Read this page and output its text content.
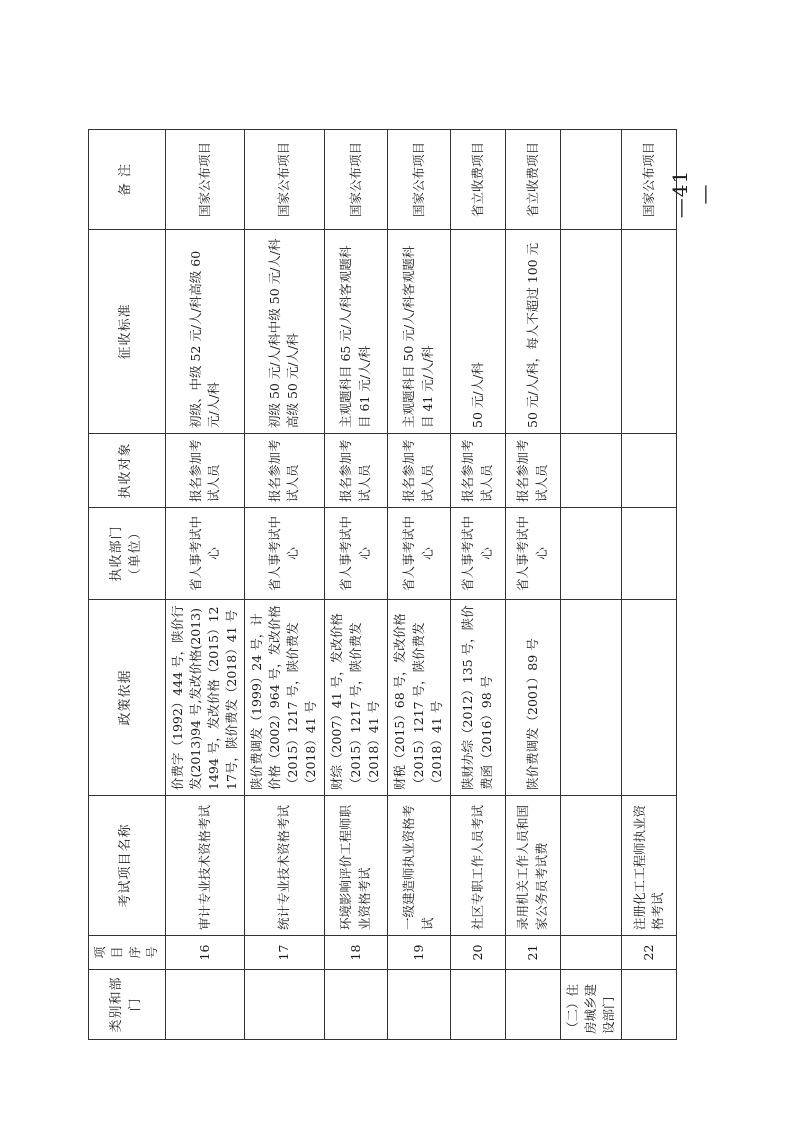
类别和部门	项目序号	考试项目名称	政策依据	执收部门（单位）	执收对象	征收标准	备 注
	16	审计专业技术资格考试	价费字（1992）444 号，陕价行发(2013)94 号,发改价格(2013)1494 号，发改价格（2015）1217号，陕价费发（2018）41 号	省人事考试中心	报名参加考试人员	初级、中级 52 元/人/科高级 60 元/人/科	国家公布项目
	17	统计专业技术资格考试	陕价费调发（1999）24 号，计价格（2002）964 号，发改价格（2015）1217 号，陕价费发（2018）41 号	省人事考试中心	报名参加考试人员	初级 50 元/人/科中级 50 元/人/科高级 50 元/人/科	国家公布项目
	18	环境影响评价工程师职业资格考试	财综（2007）41 号，发改价格（2015）1217 号，陕价费发（2018）41 号	省人事考试中心	报名参加考试人员	主观题科目 65 元/人/科客观题科目 61 元/人/科	国家公布项目
	19	一级建造师执业资格考试	财税（2015）68 号，发改价格（2015）1217 号，陕价费发（2018）41 号	省人事考试中心	报名参加考试人员	主观题科目 50 元/人/科客观题科目 41 元/人/科	国家公布项目
	20	社区专职工作人员考试	陕财办综（2012）135 号，陕价费函（2016）98 号	省人事考试中心	报名参加考试人员	50 元/人/科	省立收费项目
	21	录用机关工作人员和国家公务员考试费	陕价费调发（2001）89 号	省人事考试中心	报名参加考试人员	50 元/人/科，每人不超过 100 元	省立收费项目
（二）住房城乡建设部门							
	22	注册化工工程师执业资格考试					国家公布项目 —41—
